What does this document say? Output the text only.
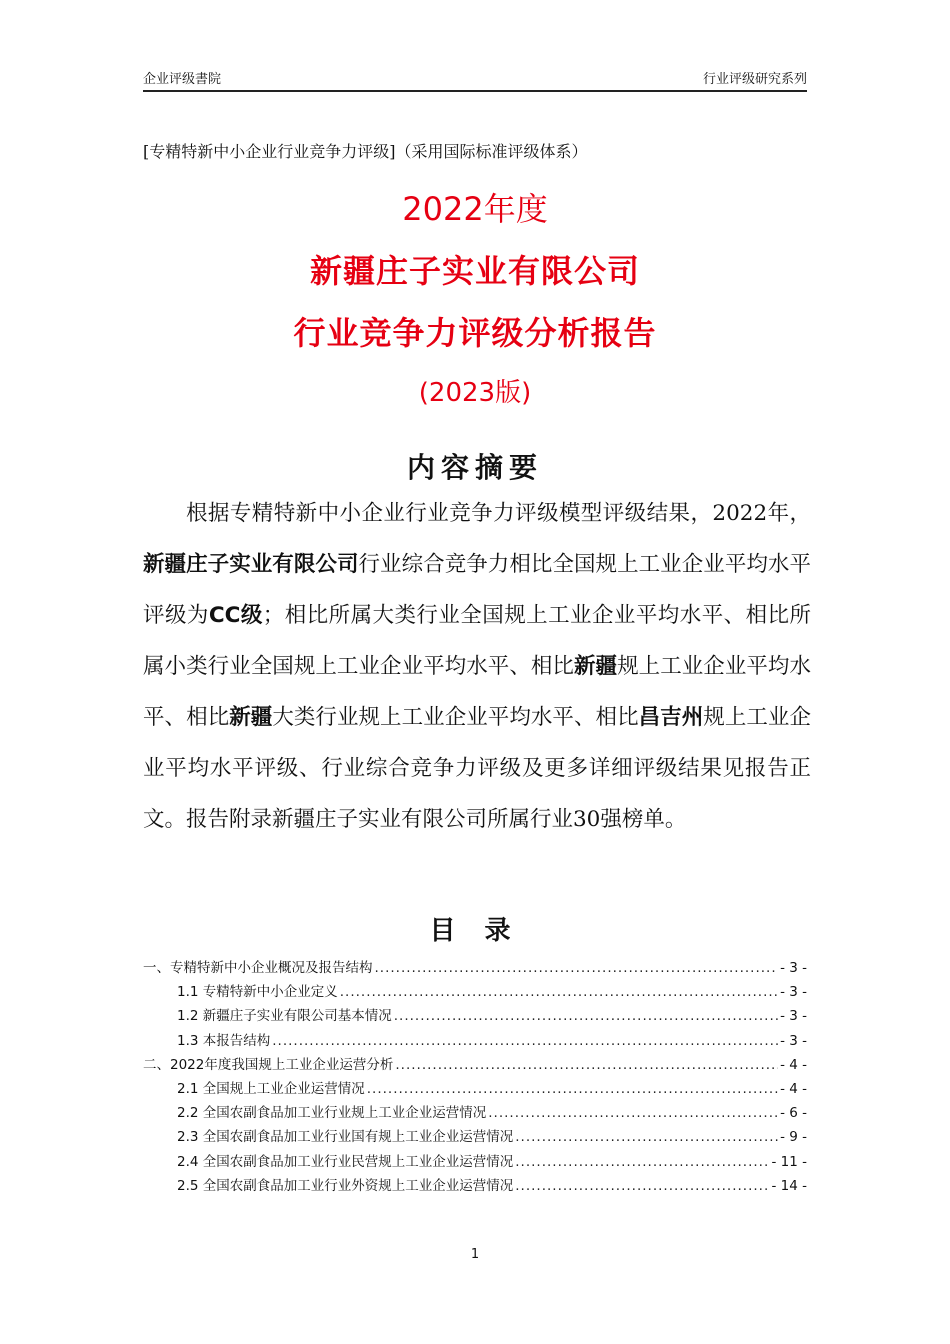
企业评级書院	行业评级研究系列
[专精特新中小企业行业竞争力评级]（采用国际标准评级体系）
2022年度
新疆庄子实业有限公司
行业竞争力评级分析报告
(2023版)
内容摘要

根据专精特新中小企业行业竞争力评级模型评级结果，2022年，新疆庄子实业有限公司行业综合竞争力相比全国规上工业企业平均水平评级为CC级；相比所属大类行业全国规上工业企业平均水平、相比所属小类行业全国规上工业企业平均水平、相比新疆规上工业企业平均水平、相比新疆大类行业规上工业企业平均水平、相比昌吉州规上工业企业平均水平评级、行业综合竞争力评级及更多详细评级结果见报告正文。报告附录新疆庄子实业有限公司所属行业30强榜单。

目 录
一、专精特新中小企业概况及报告结构 .....	- 3 -
1.1 专精特新中小企业定义 .....	- 3 -
1.2 新疆庄子实业有限公司基本情况 .....	- 3 -
1.3 本报告结构 .....	- 3 -
二、2022年度我国规上工业企业运营分析 .....	- 4 -
2.1 全国规上工业企业运营情况 .....	- 4 -
2.2 全国农副食品加工业行业规上工业企业运营情况 .....	- 6 -
2.3 全国农副食品加工业行业国有规上工业企业运营情况 .....	- 9 -
2.4 全国农副食品加工业行业民营规上工业企业运营情况 .....	- 11 -
2.5 全国农副食品加工业行业外资规上工业企业运营情况 .....	- 14 -
1
